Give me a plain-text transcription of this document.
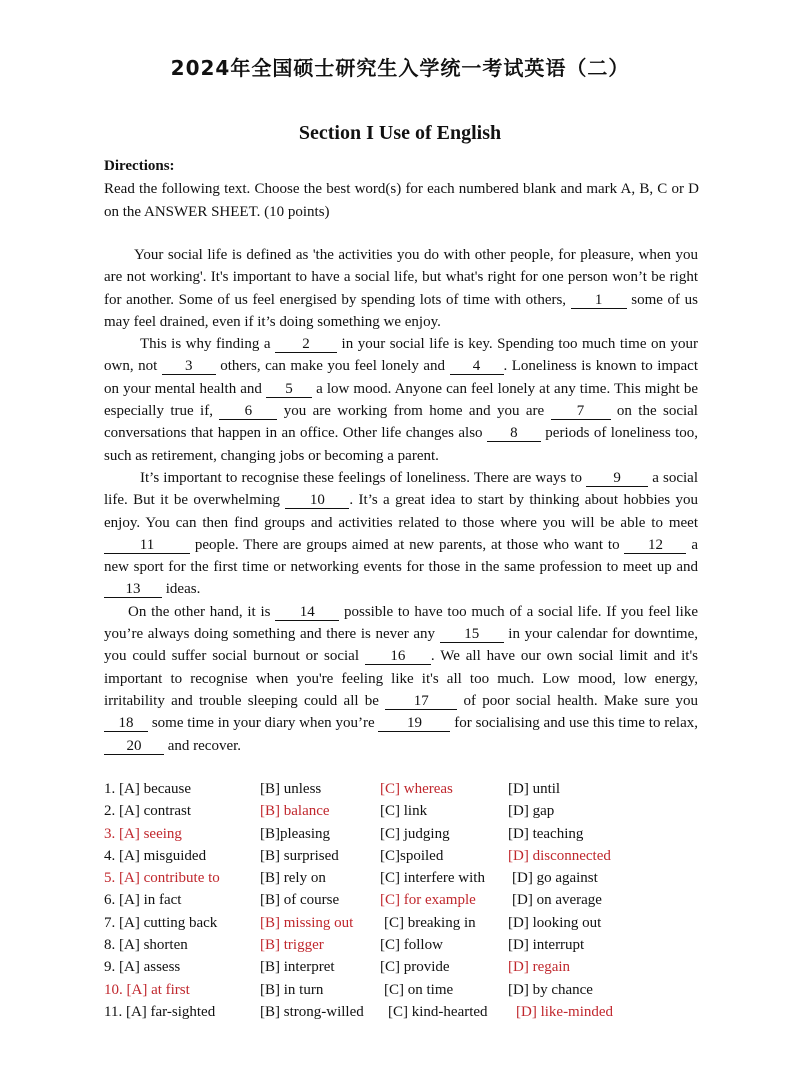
2024年全国硕士研究生入学统一考试英语（二）
Section I Use of English
Directions:
Read the following text. Choose the best word(s) for each numbered blank and mark A, B, C or D on the ANSWER SHEET. (10 points)

Your social life is defined as 'the activities you do with other people, for pleasure, when you are not working'. It's important to have a social life, but what's right for one person won’t be right for another. Some of us feel energised by spending lots of time with others, 1 some of us may feel drained, even if it’s doing something we enjoy.

This is why finding a 2 in your social life is key. Spending too much time on your own, not 3 others, can make you feel lonely and 4 . Loneliness is known to impact on your mental health and 5 a low mood. Anyone can feel lonely at any time. This might be especially true if, 6 you are working from home and you are 7 on the social conversations that happen in an office. Other life changes also 8 periods of loneliness too, such as retirement, changing jobs or becoming a parent.

It’s important to recognise these feelings of loneliness. There are ways to 9 a social life. But it be overwhelming 10 . It’s a great idea to start by thinking about hobbies you enjoy. You can then find groups and activities related to those where you will be able to meet 11 people. There are groups aimed at new parents, at those who want to 12 a new sport for the first time or networking events for those in the same profession to meet up and 13 ideas.

On the other hand, it is 14 possible to have too much of a social life. If you feel like you’re always doing something and there is never any 15 in your calendar for downtime, you could suffer social burnout or social 16 . We all have our own social limit and it's important to recognise when you're feeling like it's all too much. Low mood, low energy, irritability and trouble sleeping could all be 17 of poor social health. Make sure you 18 some time in your diary when you’re 19 for socialising and use this time to relax, 20 and recover.

1. [A] because	[B] unless	[C] whereas	[D] until
2. [A] contrast	[B] balance	[C] link	[D] gap
3. [A] seeing	[B]pleasing	[C] judging	[D] teaching
4. [A] misguided	[B] surprised	[C]spoiled	[D] disconnected
5. [A] contribute to	[B] rely on	[C] interfere with [D] go against
6. [A] in fact	[B] of course	[C] for example [D] on average
7. [A] cutting back	[B] missing out [C] breaking in [D] looking out
8. [A] shorten	[B] trigger	[C] follow	[D] interrupt
9. [A] assess	[B] interpret	[C] provide	[D] regain
10. [A] at first	[B] in turn	[C] on time	[D] by chance
11. [A] far-sighted	[B] strong-willed [C] kind-hearted [D] like-minded
